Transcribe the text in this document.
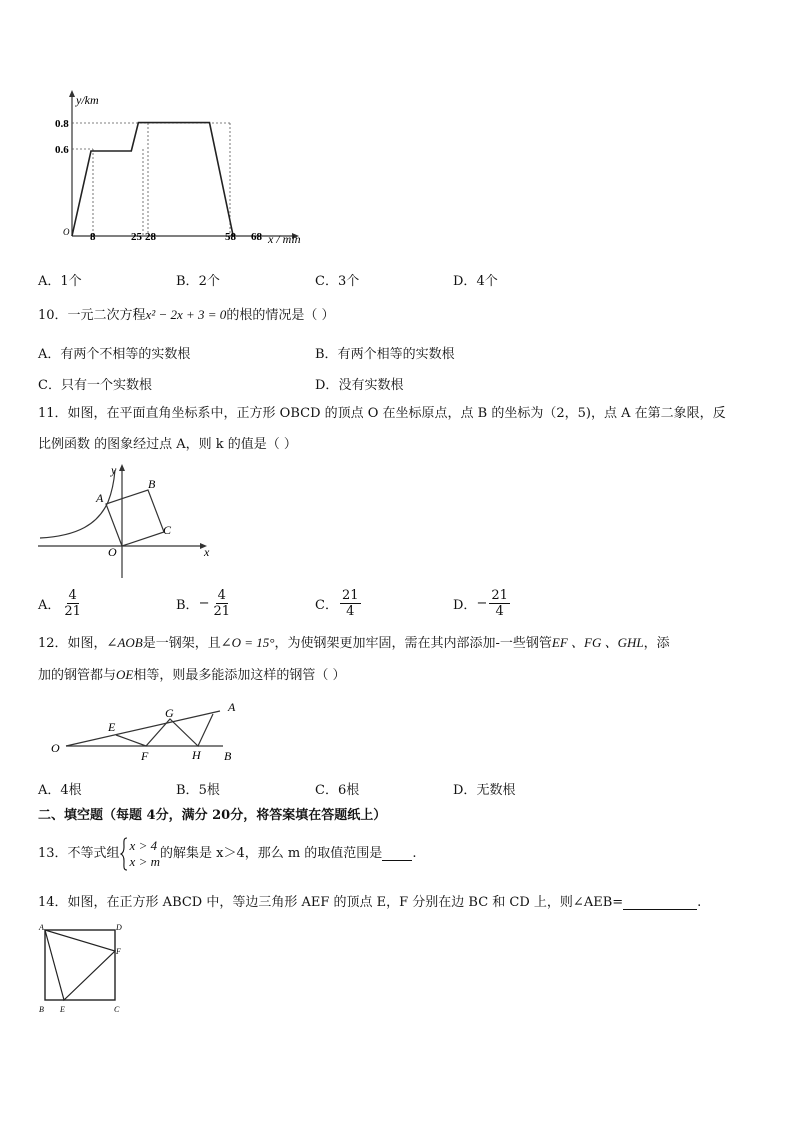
y/km
0.8
0.6
O 8	25 28	58 68 x / min
A． 1个	B． 2个	C． 3个	D． 4个
10．一元二次方程x² − 2x + 3 = 0的根的情况是（ ）
A． 有两个不相等的实数根	B． 有两个相等的实数根
C． 只有一个实数根	D． 没有实数根
11．如图，在平面直角坐标系中，正方形 OBCD 的顶点 O 在坐标原点，点 B 的坐标为（2，5)，点 A 在第二象限，反
比例函数 的图象经过点 A，则 k 的值是（ ）
A
B
C
O
y
x
A． $\frac{4}{21}$	B． − $\frac{4}{21}$	C． $\frac{21}{4}$	D． − $\frac{21}{4}$
12．如图，∠AOB是一钢架，且∠O = 15°，为使钢架更加牢固，需在其内部添加-一些钢管EF 、FG 、GHL，添
加的钢管都与OE相等，则最多能添加这样的钢管（ ）
O
E
F
G
H
A
B
A． 4根	B． 5根	C． 6根	D． 无数根
二、填空题（每题 4分，满分 20分，将答案填在答题纸上）
13．不等式组
x > 4
x > m
的解集是 x＞4，那么 m 的取值范围是 .
14．如图，在正方形 ABCD 中，等边三角形 AEF 的顶点 E，F 分别在边 BC 和 CD 上，则∠AEB=	.
A	D
F
B E	C
